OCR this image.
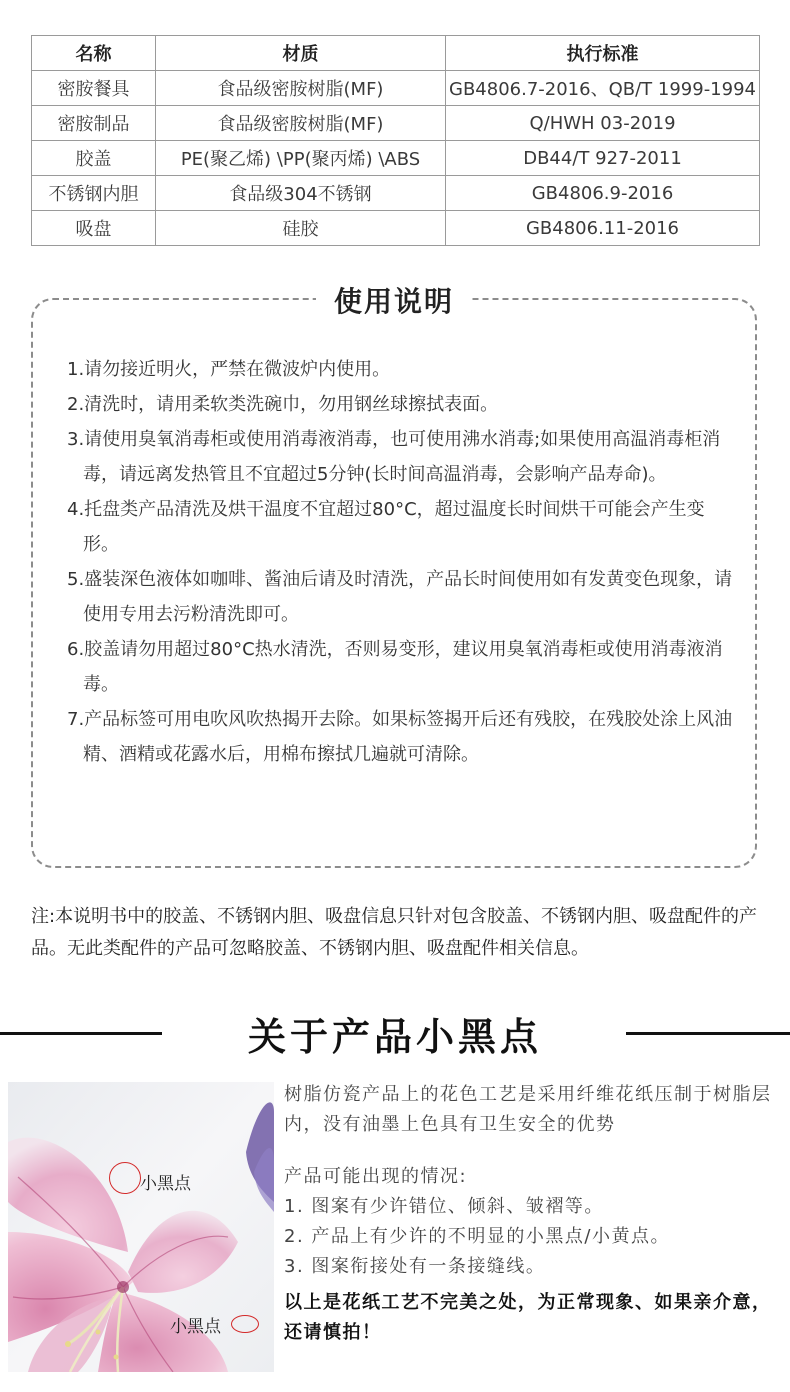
名称	材质	执行标准
密胺餐具	食品级密胺树脂(MF)	GB4806.7-2016、QB/T 1999-1994
密胺制品	食品级密胺树脂(MF)	Q/HWH 03-2019
胶盖	PE(聚乙烯) \PP(聚丙烯) \ABS	DB44/T 927-2011
不锈钢内胆	食品级304不锈钢	GB4806.9-2016
吸盘	硅胶	GB4806.11-2016
使用说明
1.请勿接近明火，严禁在微波炉内使用。
2.清洗时，请用柔软类洗碗巾，勿用钢丝球擦拭表面。
3.请使用臭氧消毒柜或使用消毒液消毒，也可使用沸水消毒;如果使用高温消毒柜消毒，请远离发热管且不宜超过5分钟(长时间高温消毒，会影响产品寿命)。
4.托盘类产品清洗及烘干温度不宜超过80°C，超过温度长时间烘干可能会产生变形。
5.盛装深色液体如咖啡、酱油后请及时清洗，产品长时间使用如有发黄变色现象，请使用专用去污粉清洗即可。
6.胶盖请勿用超过80°C热水清洗，否则易变形，建议用臭氧消毒柜或使用消毒液消毒。
7.产品标签可用电吹风吹热揭开去除。如果标签揭开后还有残胶，在残胶处涂上风油精、酒精或花露水后，用棉布擦拭几遍就可清除。
注:本说明书中的胶盖、不锈钢内胆、吸盘信息只针对包含胶盖、不锈钢内胆、吸盘配件的产品。无此类配件的产品可忽略胶盖、不锈钢内胆、吸盘配件相关信息。
关于产品小黑点
小黑点
小黑点

树脂仿瓷产品上的花色工艺是采用纤维花纸压制于树脂层内，没有油墨上色具有卫生安全的优势

产品可能出现的情况:

1. 图案有少许错位、倾斜、皱褶等。

2. 产品上有少许的不明显的小黑点/小黄点。

3. 图案衔接处有一条接缝线。

以上是花纸工艺不完美之处，为正常现象、如果亲介意，还请慎拍！
